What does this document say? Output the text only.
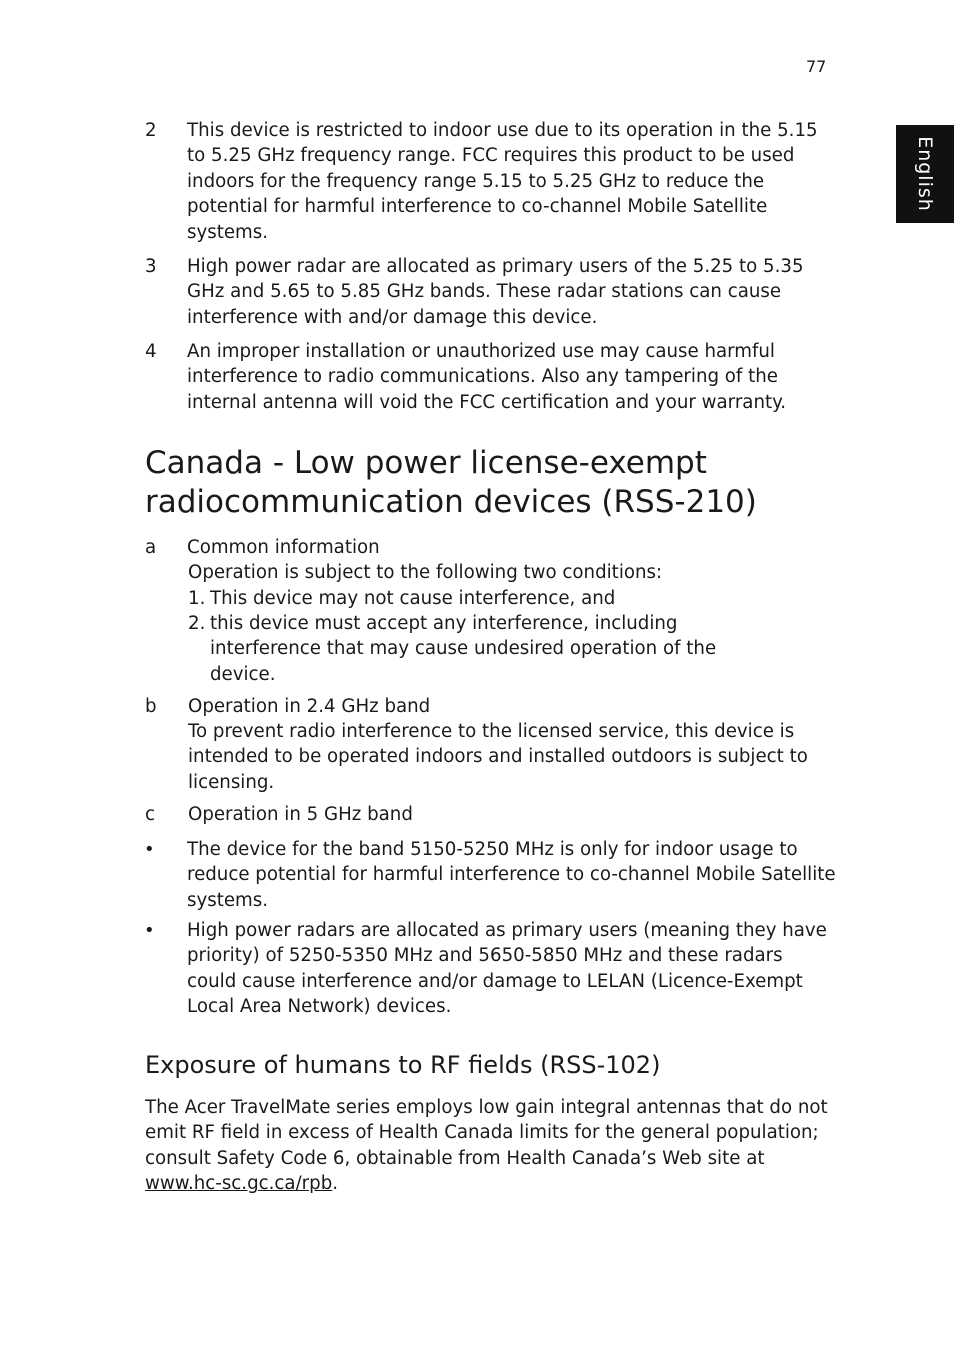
77
English
2 This device is restricted to indoor use due to its operation in the 5.15 to 5.25 GHz frequency range. FCC requires this product to be used indoors for the frequency range 5.15 to 5.25 GHz to reduce the potential for harmful interference to co-channel Mobile Satellite systems.
3 High power radar are allocated as primary users of the 5.25 to 5.35 GHz and 5.65 to 5.85 GHz bands. These radar stations can cause interference with and/or damage this device.
4 An improper installation or unauthorized use may cause harmful interference to radio communications. Also any tampering of the internal antenna will void the FCC certification and your warranty.
Canada - Low power license-exempt
radiocommunication devices (RSS-210)
a Common information
Operation is subject to the following two conditions:
1. This device may not cause interference, and
2. this device must accept any interference, including interference that may cause undesired operation of the device.
b Operation in 2.4 GHz band
To prevent radio interference to the licensed service, this device is intended to be operated indoors and installed outdoors is subject to licensing.
c Operation in 5 GHz band
• The device for the band 5150-5250 MHz is only for indoor usage to reduce potential for harmful interference to co-channel Mobile Satellite systems.
• High power radars are allocated as primary users (meaning they have priority) of 5250-5350 MHz and 5650-5850 MHz and these radars could cause interference and/or damage to LELAN (Licence-Exempt Local Area Network) devices.
Exposure of humans to RF fields (RSS-102)
The Acer TravelMate series employs low gain integral antennas that do not emit RF field in excess of Health Canada limits for the general population; consult Safety Code 6, obtainable from Health Canada’s Web site at www.hc-sc.gc.ca/rpb.
